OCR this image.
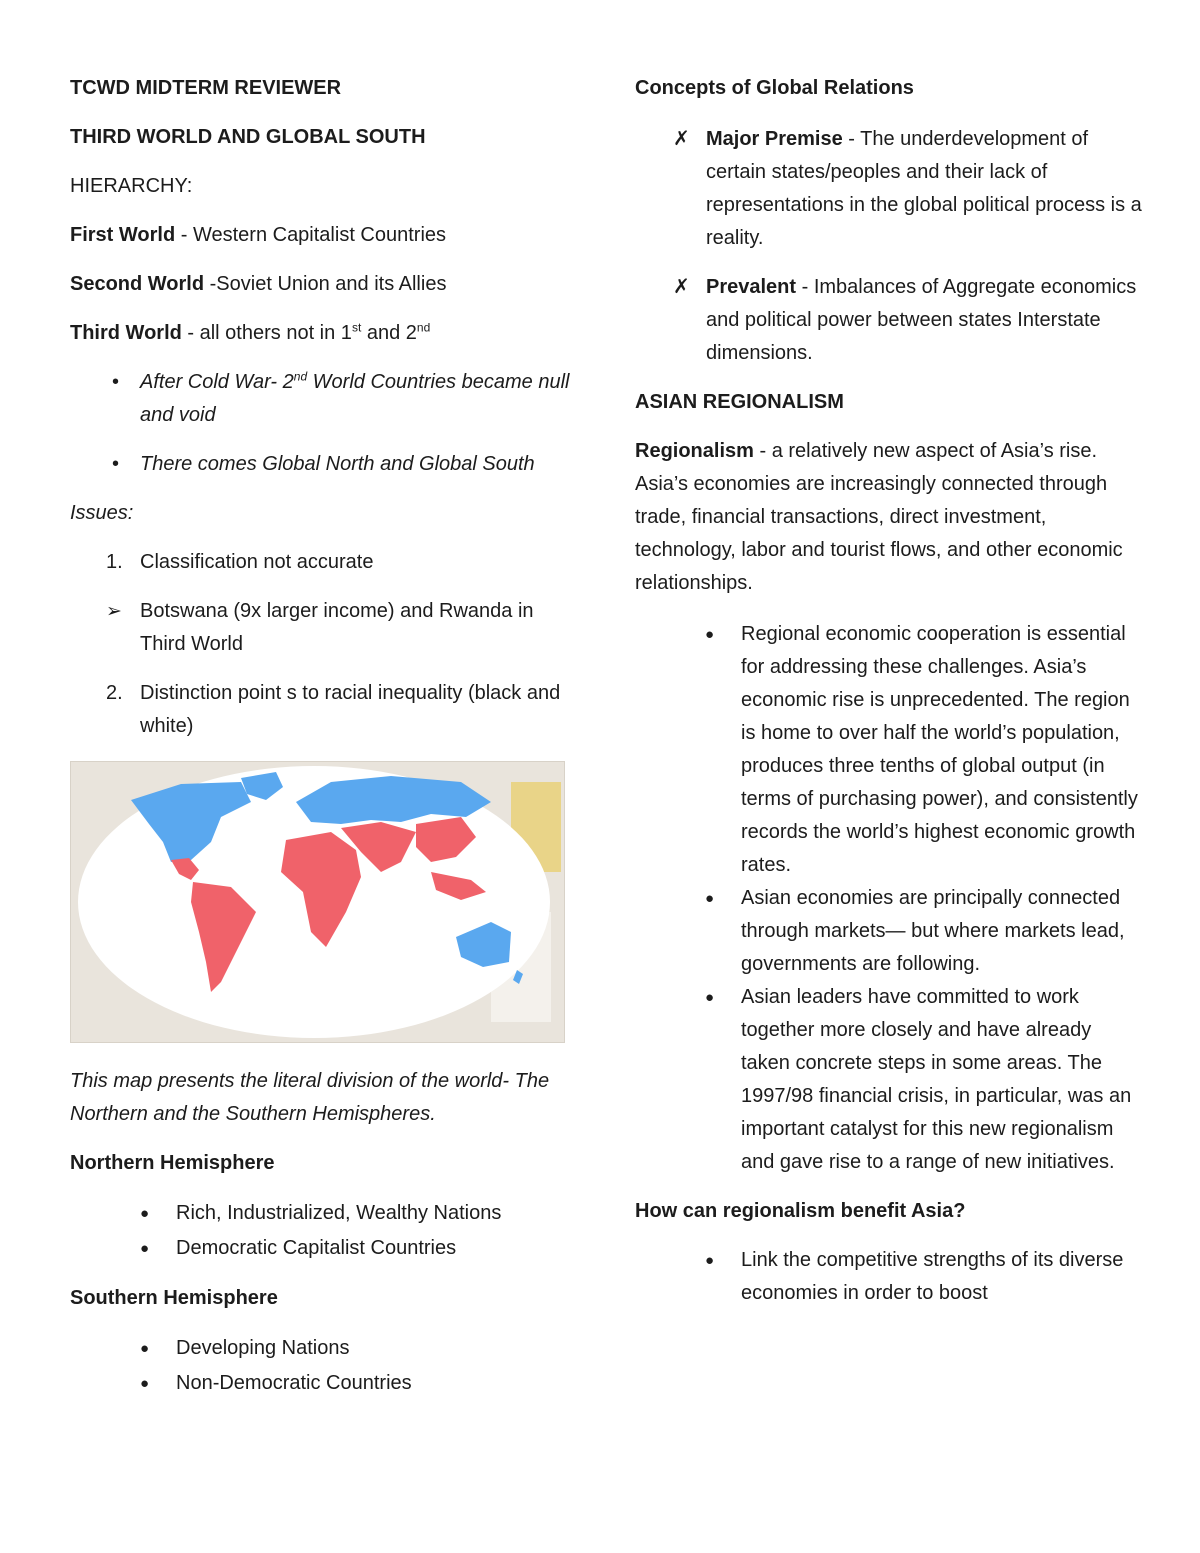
TCWD MIDTERM REVIEWER

THIRD WORLD AND GLOBAL SOUTH

HIERARCHY:

First World - Western Capitalist Countries

Second World -Soviet Union and its Allies

Third World - all others not in 1st and 2nd

• After Cold War- 2nd World Countries became null and void
• There comes Global North and Global South

Issues:

1. Classification not accurate
➢ Botswana (9x larger income) and Rwanda in Third World
2. Distinction point s to racial inequality (black and white)

This map presents the literal division of the world- The Northern and the Southern Hemispheres.

Northern Hemisphere

● Rich, Industrialized, Wealthy Nations
● Democratic Capitalist Countries

Southern Hemisphere

● Developing Nations
● Non-Democratic Countries

Concepts of Global Relations

✗ Major Premise - The underdevelopment of certain states/peoples and their lack of representations in the global political process is a reality.
✗ Prevalent - Imbalances of Aggregate economics and political power between states Interstate dimensions.

ASIAN REGIONALISM

Regionalism - a relatively new aspect of Asia’s rise. Asia’s economies are increasingly connected through trade, financial transactions, direct investment, technology, labor and tourist flows, and other economic relationships.

● Regional economic cooperation is essential for addressing these challenges. Asia’s economic rise is unprecedented. The region is home to over half the world’s population, produces three tenths of global output (in terms of purchasing power), and consistently records the world’s highest economic growth rates.
● Asian economies are principally connected through markets— but where markets lead, governments are following.
● Asian leaders have committed to work together more closely and have already taken concrete steps in some areas. The 1997/98 financial crisis, in particular, was an important catalyst for this new regionalism and gave rise to a range of new initiatives.

How can regionalism benefit Asia?

● Link the competitive strengths of its diverse economies in order to boost
